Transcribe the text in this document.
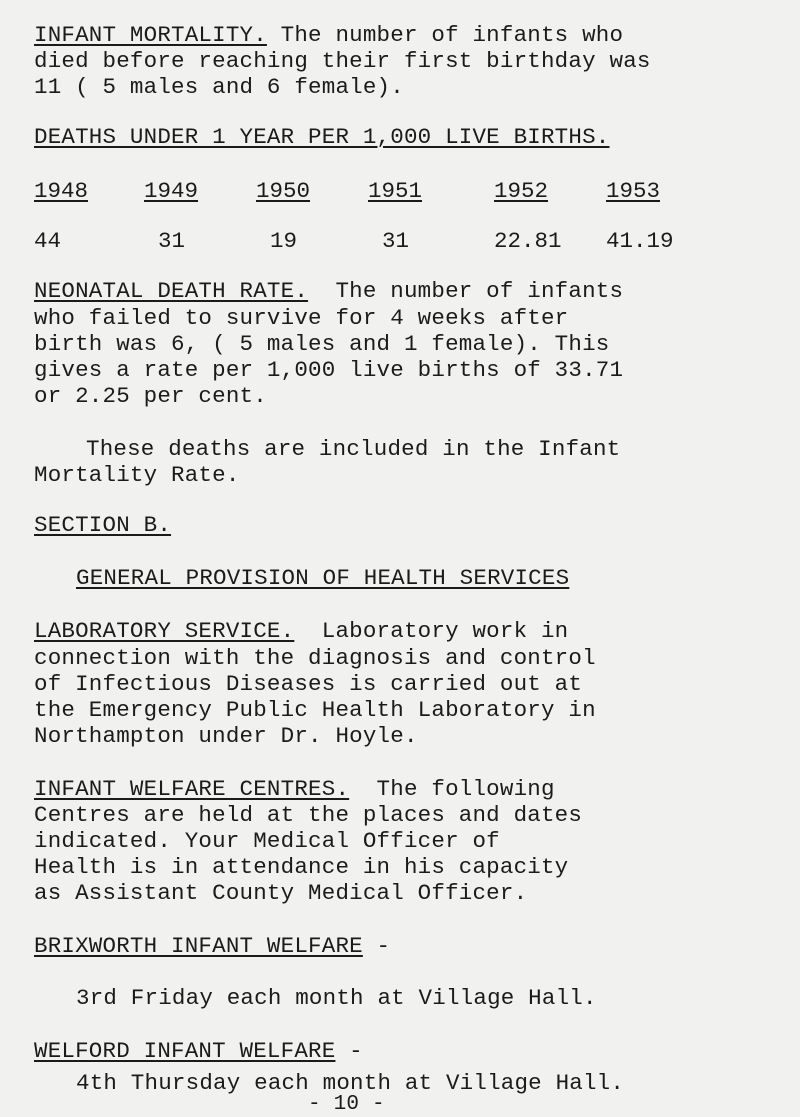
INFANT MORTALITY. The number of infants who
died before reaching their first birthday was
11 ( 5 males and 6 female).
DEATHS UNDER 1 YEAR PER 1,000 LIVE BIRTHS.
1948 1949	1950	1951	1952	1953
44	31	19	31	22.81 41.19
NEONATAL DEATH RATE.  The number of infants
who failed to survive for 4 weeks after
birth was 6, ( 5 males and 1 female). This
gives a rate per 1,000 live births of 33.71
or 2.25 per cent.
These deaths are included in the Infant
Mortality Rate.
SECTION B.
GENERAL PROVISION OF HEALTH SERVICES
LABORATORY SERVICE.  Laboratory work in
connection with the diagnosis and control
of Infectious Diseases is carried out at
the Emergency Public Health Laboratory in
Northampton under Dr. Hoyle.
INFANT WELFARE CENTRES.  The following
Centres are held at the places and dates
indicated. Your Medical Officer of
Health is in attendance in his capacity
as Assistant County Medical Officer.
BRIXWORTH INFANT WELFARE -
3rd Friday each month at Village Hall.
WELFORD INFANT WELFARE -
4th Thursday each month at Village Hall.
- 10 -
